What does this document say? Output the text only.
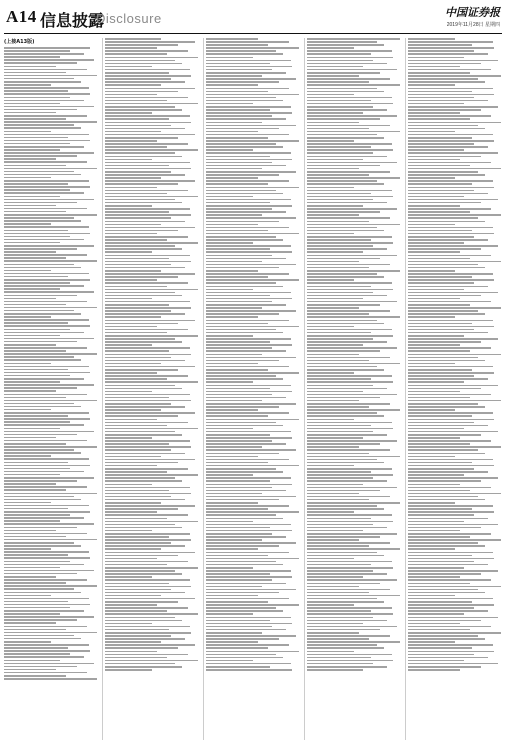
A14 信息披露
Disclosure	中国证券报
2019年11月28日 星期四
(上接A13版)
